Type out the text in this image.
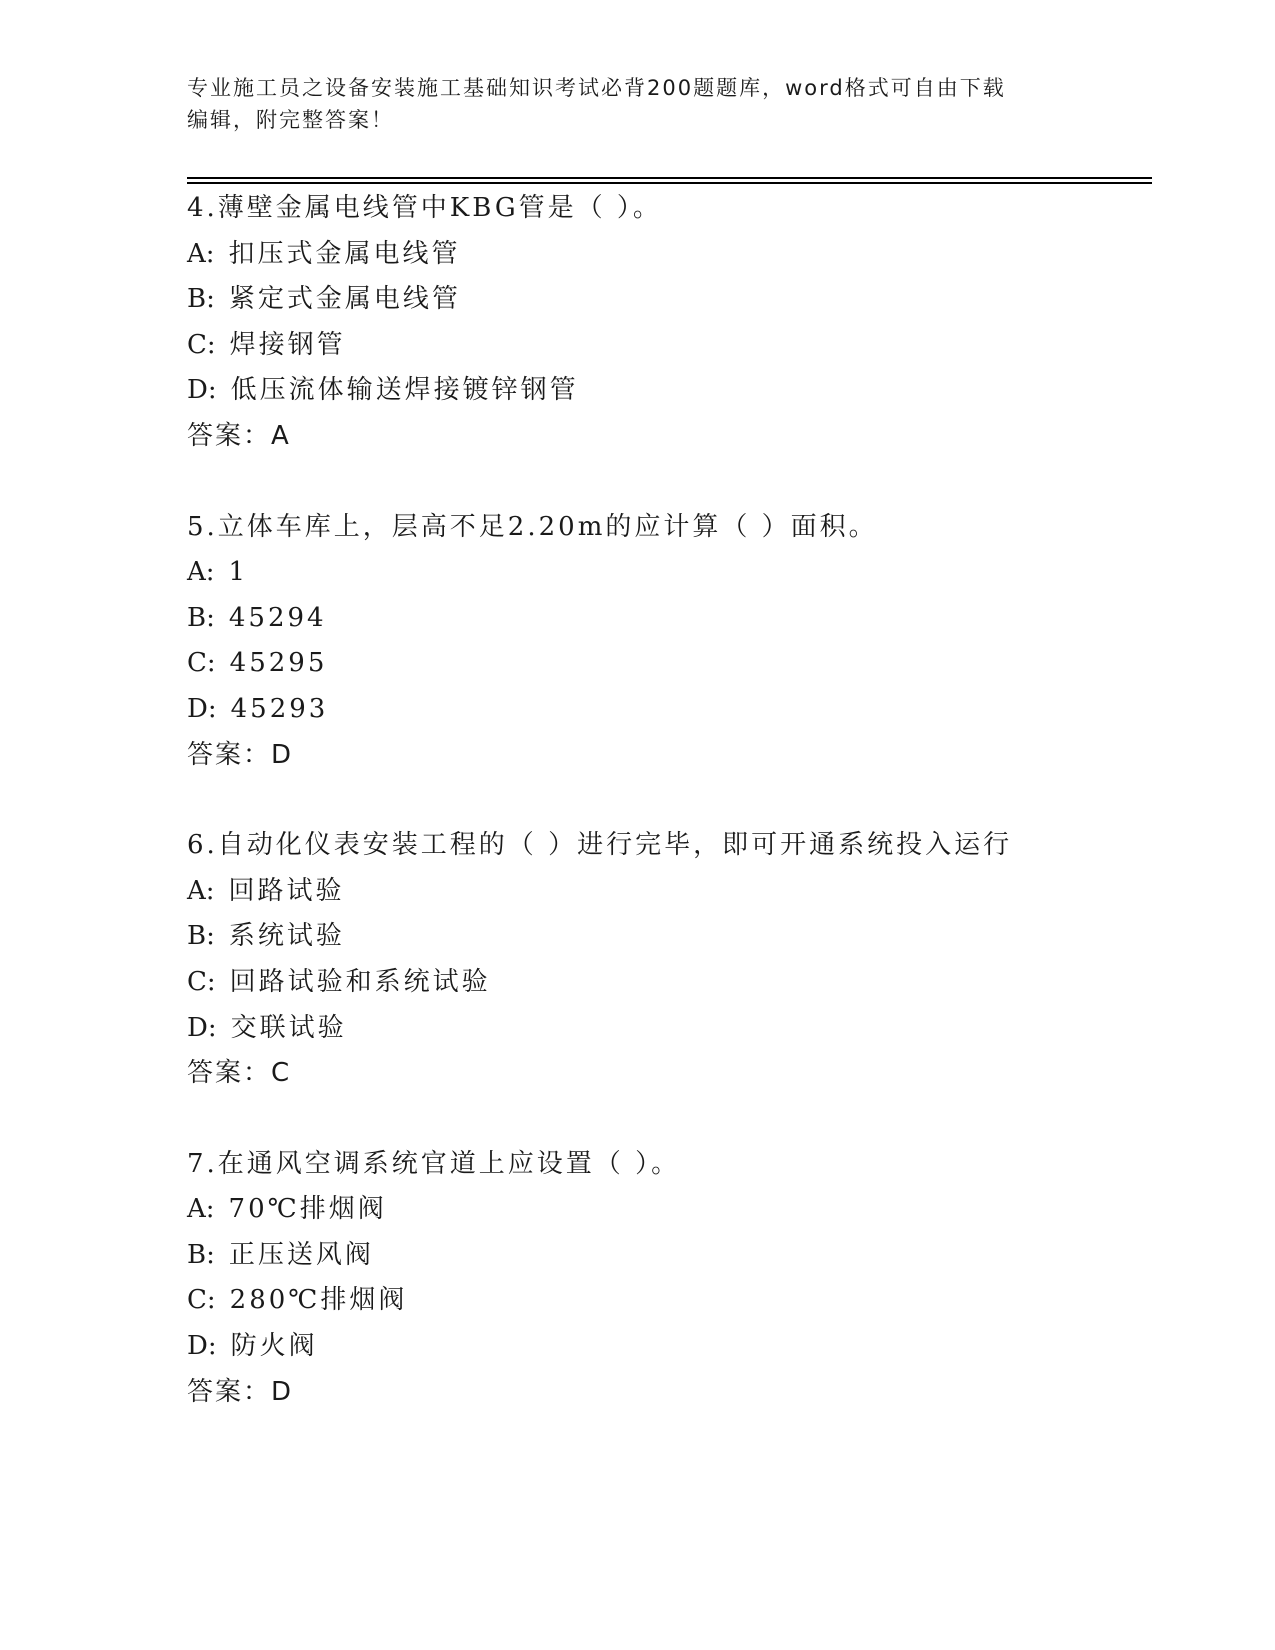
专业施工员之设备安装施工基础知识考试必背200题题库，word格式可自由下载
编辑，附完整答案！
4.薄壁金属电线管中KBG管是（ ）。
A: 扣压式金属电线管
B: 紧定式金属电线管
C: 焊接钢管
D: 低压流体输送焊接镀锌钢管
答案：A
5.立体车库上，层高不足2.20m的应计算（ ）面积。
A: 1
B: 45294
C: 45295
D: 45293
答案：D
6.自动化仪表安装工程的（ ）进行完毕，即可开通系统投入运行
A: 回路试验
B: 系统试验
C: 回路试验和系统试验
D: 交联试验
答案：C
7.在通风空调系统官道上应设置（ ）。
A: 70℃排烟阀
B: 正压送风阀
C: 280℃排烟阀
D: 防火阀
答案：D
